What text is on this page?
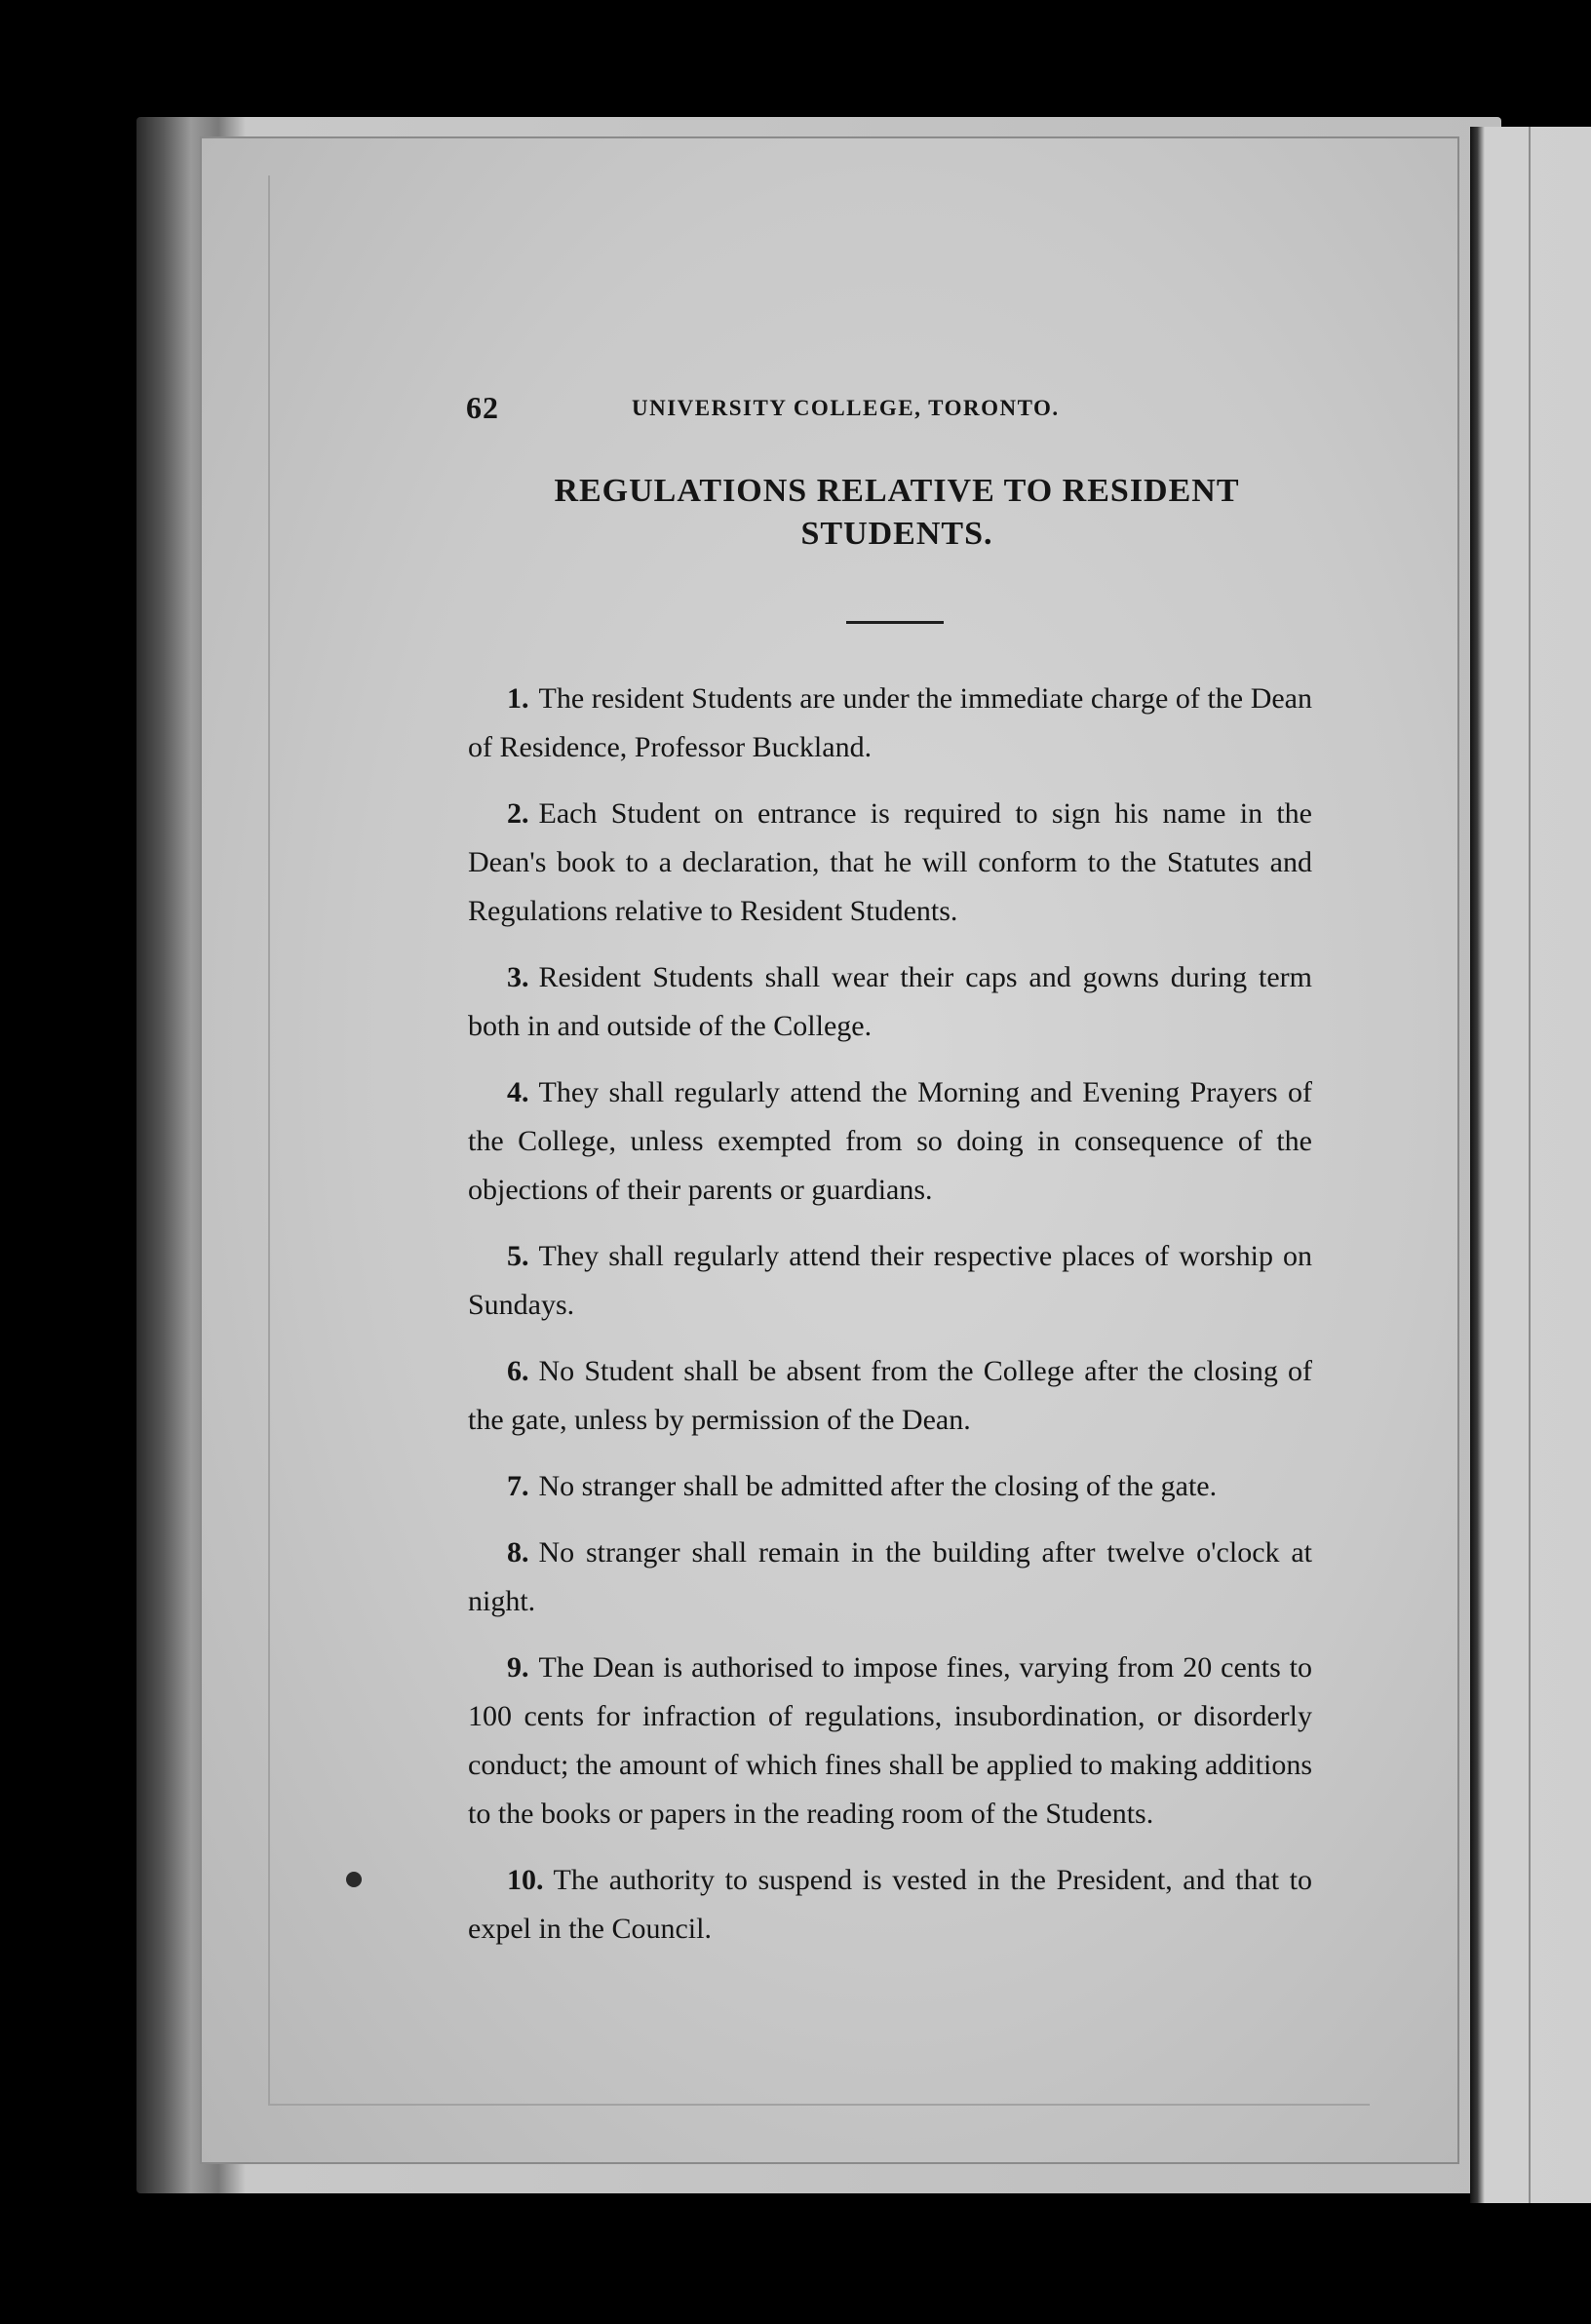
62	UNIVERSITY COLLEGE, TORONTO.
REGULATIONS RELATIVE TO RESIDENT
STUDENTS.

1. The resident Students are under the immediate charge of the Dean of Residence, Professor Buckland.

2. Each Student on entrance is required to sign his name in the Dean's book to a declaration, that he will conform to the Statutes and Regulations relative to Resident Students.

3. Resident Students shall wear their caps and gowns during term both in and outside of the College.

4. They shall regularly attend the Morning and Evening Prayers of the College, unless exempted from so doing in consequence of the objections of their parents or guardians.

5. They shall regularly attend their respective places of worship on Sundays.

6. No Student shall be absent from the College after the closing of the gate, unless by permission of the Dean.

7. No stranger shall be admitted after the closing of the gate.

8. No stranger shall remain in the building after twelve o'clock at night.

9. The Dean is authorised to impose fines, varying from 20 cents to 100 cents for infraction of regulations, insubordination, or disorderly conduct; the amount of which fines shall be applied to making additions to the books or papers in the reading room of the Students.

10. The authority to suspend is vested in the President, and that to expel in the Council.
